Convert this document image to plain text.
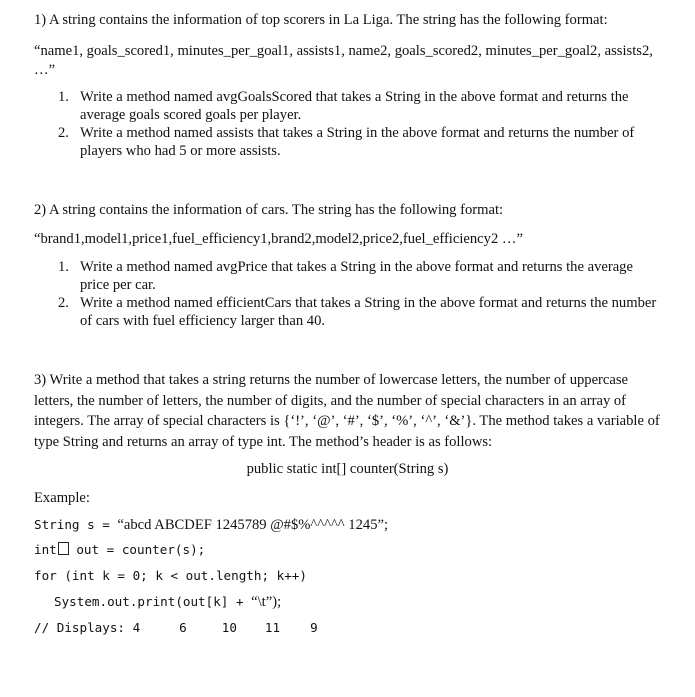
1) A string contains the information of top scorers in La Liga. The string has the following format:
“name1, goals_scored1, minutes_per_goal1, assists1, name2, goals_scored2, minutes_per_goal2, assists2, …”
1. Write a method named avgGoalsScored that takes a String in the above format and returns the average goals scored goals per player.
2. Write a method named assists that takes a String in the above format and returns the number of players who had 5 or more assists.
2) A string contains the information of cars. The string has the following format:
“brand1,model1,price1,fuel_efficiency1,brand2,model2,price2,fuel_efficiency2 …”
1. Write a method named avgPrice that takes a String in the above format and returns the average price per car.
2. Write a method named efficientCars that takes a String in the above format and returns the number of cars with fuel efficiency larger than 40.
3) Write a method that takes a string returns the number of lowercase letters, the number of uppercase letters, the number of letters, the number of digits, and the number of special characters in an array of integers. The array of special characters is {‘!’, ‘@’, ‘#’, ‘$’, ‘%’, ‘^’, ‘&’}. The method takes a variable of type String and returns an array of type int. The method’s header is as follows:
public static int[] counter(String s)
Example:
String s = “abcd ABCDEF 1245789 @#$%^^^^^ 1245”;
int out = counter(s);
for (int k = 0; k < out.length; k++)
System.out.print(out[k] + “\t”);
// Displays: 4	6	10 11 9
